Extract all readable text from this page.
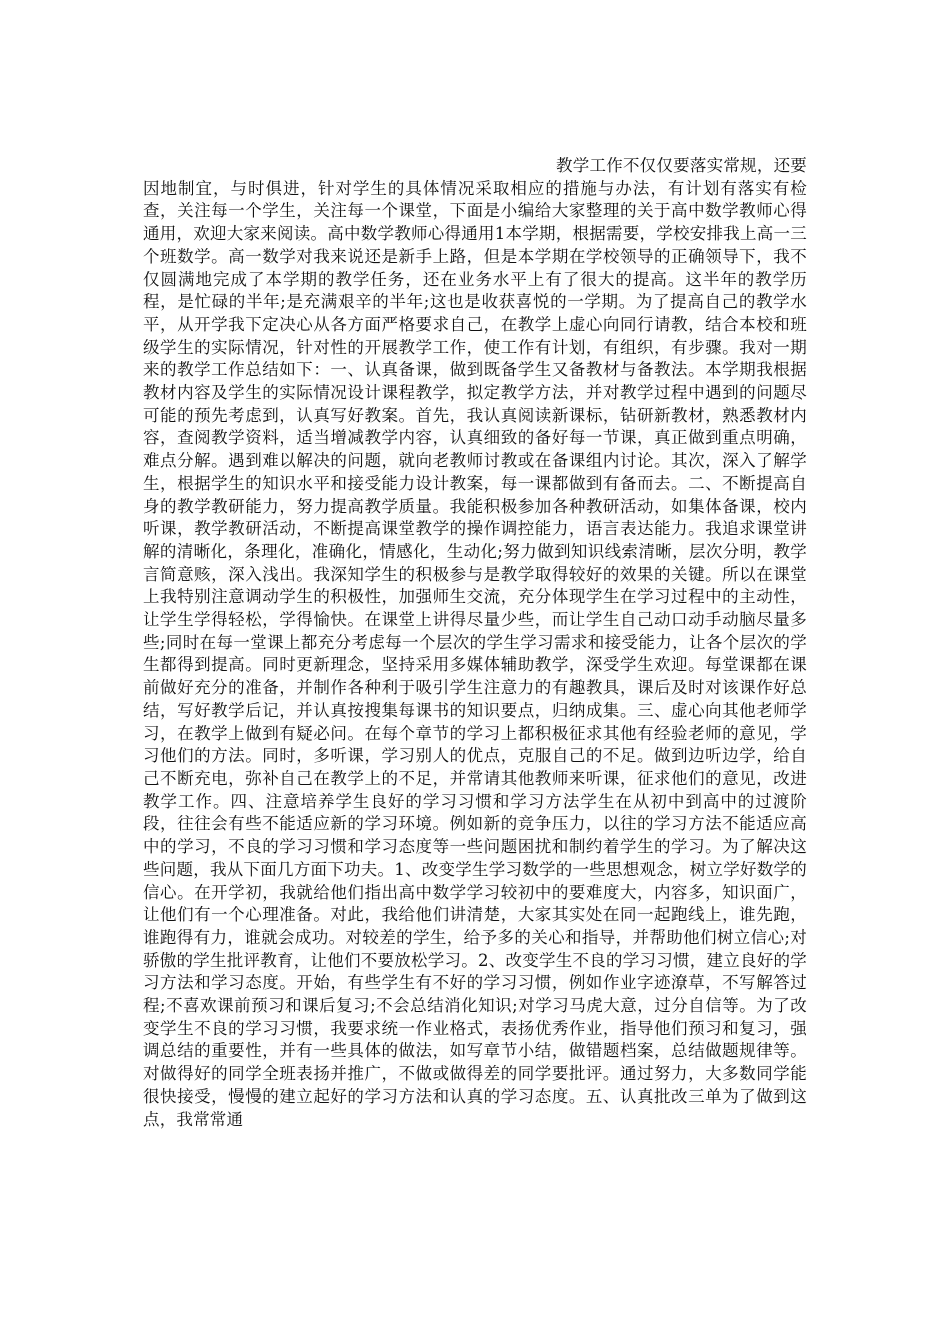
教学工作不仅仅要落实常规，还要因地制宜，与时俱进，针对学生的具体情况采取相应的措施与办法，有计划有落实有检查，关注每一个学生，关注每一个课堂，下面是小编给大家整理的关于高中数学教师心得通用，欢迎大家来阅读。高中数学教师心得通用1本学期，根据需要，学校安排我上高一三个班数学。高一数学对我来说还是新手上路，但是本学期在学校领导的正确领导下，我不仅圆满地完成了本学期的教学任务，还在业务水平上有了很大的提高。这半年的教学历程，是忙碌的半年;是充满艰辛的半年;这也是收获喜悦的一学期。为了提高自己的教学水平，从开学我下定决心从各方面严格要求自己，在教学上虚心向同行请教，结合本校和班级学生的实际情况，针对性的开展教学工作，使工作有计划，有组织，有步骤。我对一期来的教学工作总结如下：一、认真备课，做到既备学生又备教材与备教法。本学期我根据教材内容及学生的实际情况设计课程教学，拟定教学方法，并对教学过程中遇到的问题尽可能的预先考虑到，认真写好教案。首先，我认真阅读新课标，钻研新教材，熟悉教材内容，查阅教学资料，适当增减教学内容，认真细致的备好每一节课，真正做到重点明确，难点分解。遇到难以解决的问题，就向老教师讨教或在备课组内讨论。其次，深入了解学生，根据学生的知识水平和接受能力设计教案，每一课都做到有备而去。二、不断提高自身的教学教研能力，努力提高教学质量。我能积极参加各种教研活动，如集体备课，校内听课，教学教研活动，不断提高课堂教学的操作调控能力，语言表达能力。我追求课堂讲解的清晰化，条理化，准确化，情感化，生动化;努力做到知识线索清晰，层次分明，教学言简意赅，深入浅出。我深知学生的积极参与是教学取得较好的效果的关键。所以在课堂上我特别注意调动学生的积极性，加强师生交流，充分体现学生在学习过程中的主动性，让学生学得轻松，学得愉快。在课堂上讲得尽量少些，而让学生自己动口动手动脑尽量多些;同时在每一堂课上都充分考虑每一个层次的学生学习需求和接受能力，让各个层次的学生都得到提高。同时更新理念，坚持采用多媒体辅助教学，深受学生欢迎。每堂课都在课前做好充分的准备，并制作各种利于吸引学生注意力的有趣教具，课后及时对该课作好总结，写好教学后记，并认真按搜集每课书的知识要点，归纳成集。三、虚心向其他老师学习，在教学上做到有疑必问。在每个章节的学习上都积极征求其他有经验老师的意见，学习他们的方法。同时，多听课，学习别人的优点，克服自己的不足。做到边听边学，给自己不断充电，弥补自己在教学上的不足，并常请其他教师来听课，征求他们的意见，改进教学工作。四、注意培养学生良好的学习习惯和学习方法学生在从初中到高中的过渡阶段，往往会有些不能适应新的学习环境。例如新的竞争压力，以往的学习方法不能适应高中的学习，不良的学习习惯和学习态度等一些问题困扰和制约着学生的学习。为了解决这些问题，我从下面几方面下功夫。1、改变学生学习数学的一些思想观念，树立学好数学的信心。在开学初，我就给他们指出高中数学学习较初中的要难度大，内容多，知识面广，让他们有一个心理准备。对此，我给他们讲清楚，大家其实处在同一起跑线上，谁先跑，谁跑得有力，谁就会成功。对较差的学生，给予多的关心和指导，并帮助他们树立信心;对骄傲的学生批评教育，让他们不要放松学习。2、改变学生不良的学习习惯，建立良好的学习方法和学习态度。开始，有些学生有不好的学习习惯，例如作业字迹潦草，不写解答过程;不喜欢课前预习和课后复习;不会总结消化知识;对学习马虎大意，过分自信等。为了改变学生不良的学习习惯，我要求统一作业格式，表扬优秀作业，指导他们预习和复习，强调总结的重要性，并有一些具体的做法，如写章节小结，做错题档案，总结做题规律等。对做得好的同学全班表扬并推广，不做或做得差的同学要批评。通过努力，大多数同学能很快接受，慢慢的建立起好的学习方法和认真的学习态度。五、认真批改三单为了做到这点，我常常通
